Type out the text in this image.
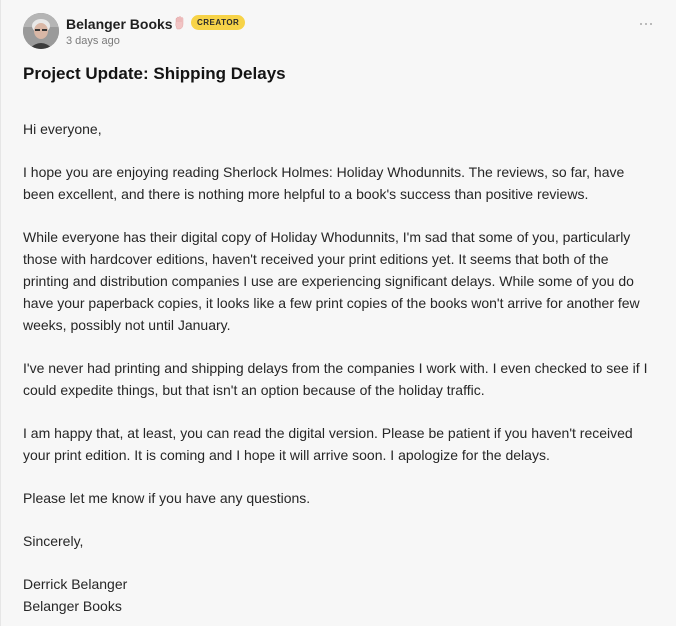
Belanger Books	CREATOR
3 days ago
Project Update: Shipping Delays

Hi everyone,

I hope you are enjoying reading Sherlock Holmes: Holiday Whodunnits. The reviews, so far, have been excellent, and there is nothing more helpful to a book's success than positive reviews.

While everyone has their digital copy of Holiday Whodunnits, I'm sad that some of you, particularly those with hardcover editions, haven't received your print editions yet. It seems that both of the printing and distribution companies I use are experiencing significant delays. While some of you do have your paperback copies, it looks like a few print copies of the books won't arrive for another few weeks, possibly not until January.

I've never had printing and shipping delays from the companies I work with. I even checked to see if I could expedite things, but that isn't an option because of the holiday traffic.

I am happy that, at least, you can read the digital version. Please be patient if you haven't received your print edition. It is coming and I hope it will arrive soon. I apologize for the delays.

Please let me know if you have any questions.

Sincerely,

Derrick Belanger

Belanger Books
